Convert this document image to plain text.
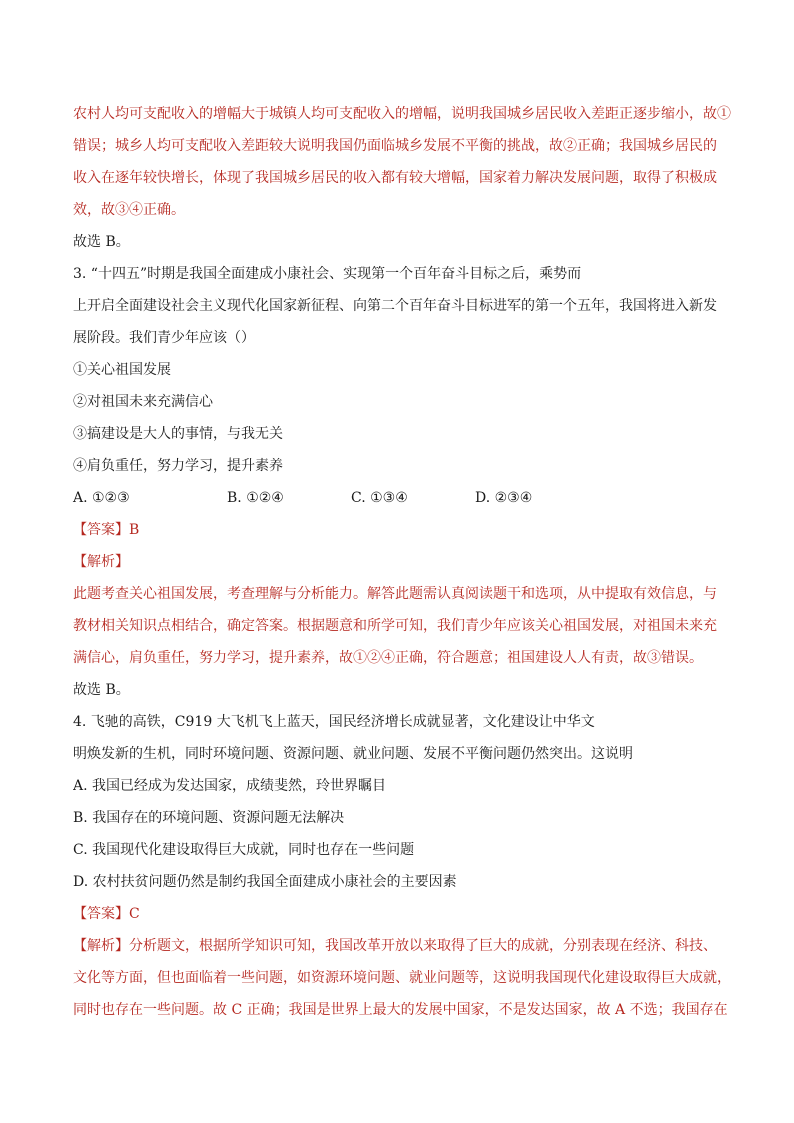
农村人均可支配收入的增幅大于城镇人均可支配收入的增幅，说明我国城乡居民收入差距正逐步缩小，故①
错误；城乡人均可支配收入差距较大说明我国仍面临城乡发展不平衡的挑战，故②正确；我国城乡居民的
收入在逐年较快增长，体现了我国城乡居民的收入都有较大增幅，国家着力解决发展问题，取得了积极成
效，故③④正确。
故选 B。
3. “十四五”时期是我国全面建成小康社会、实现第一个百年奋斗目标之后，乘势而
上开启全面建设社会主义现代化国家新征程、向第二个百年奋斗目标进军的第一个五年，我国将进入新发
展阶段。我们青少年应该（）
①关心祖国发展
②对祖国未来充满信心
③搞建设是大人的事情，与我无关
④肩负重任，努力学习，提升素养
A. ①②③	B. ①②④	C. ①③④	D. ②③④
【答案】B
【解析】
此题考查关心祖国发展，考查理解与分析能力。解答此题需认真阅读题干和选项，从中提取有效信息，与
教材相关知识点相结合，确定答案。根据题意和所学可知，我们青少年应该关心祖国发展，对祖国未来充
满信心，肩负重任，努力学习，提升素养，故①②④正确，符合题意；祖国建设人人有责，故③错误。
故选 B。
4. 飞驰的高铁，C919 大飞机飞上蓝天，国民经济增长成就显著，文化建设让中华文
明焕发新的生机，同时环境问题、资源问题、就业问题、发展不平衡问题仍然突出。这说明
A. 我国已经成为发达国家，成绩斐然，玲世界瞩目
B. 我国存在的环境问题、资源问题无法解决
C. 我国现代化建设取得巨大成就，同时也存在一些问题
D. 农村扶贫问题仍然是制约我国全面建成小康社会的主要因素
【答案】C
【解析】分析题文，根据所学知识可知，我国改革开放以来取得了巨大的成就，分别表现在经济、科技、
文化等方面，但也面临着一些问题，如资源环境问题、就业问题等，这说明我国现代化建设取得巨大成就，
同时也存在一些问题。故 C 正确；我国是世界上最大的发展中国家，不是发达国家，故 A 不选；我国存在
